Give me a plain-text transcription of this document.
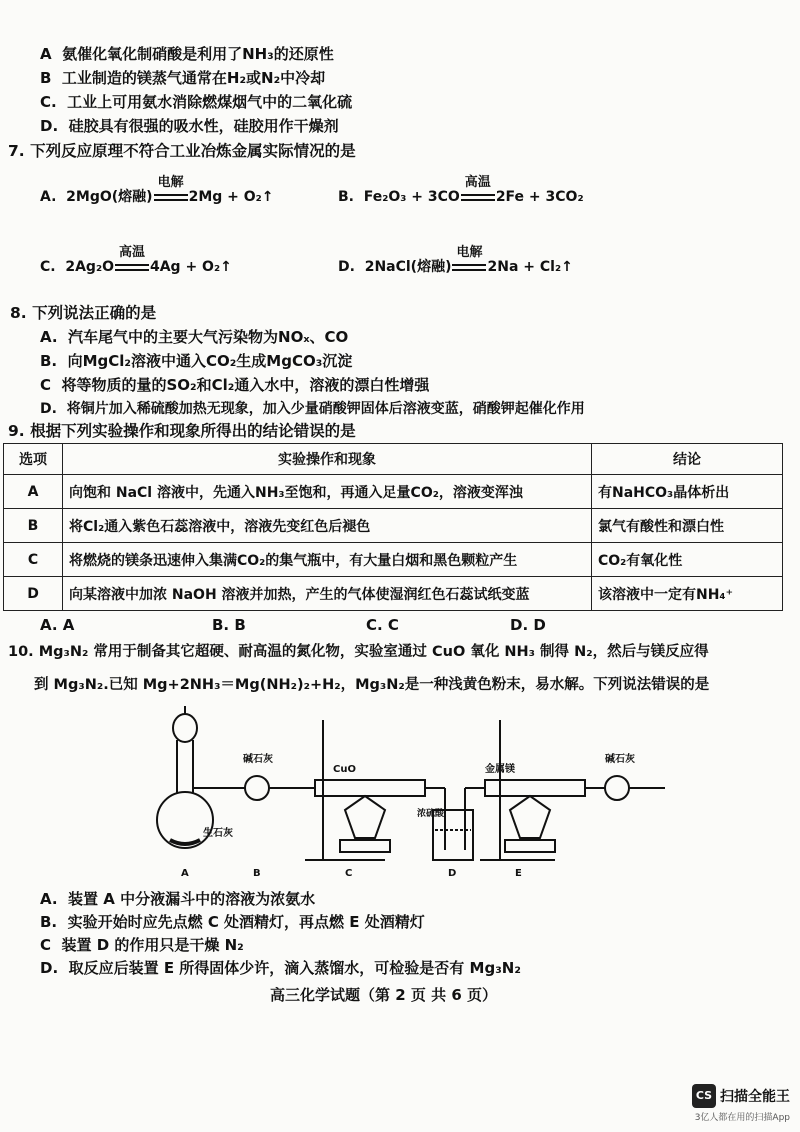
A 氨催化氧化制硝酸是利用了NH₃的还原性
B 工业制造的镁蒸气通常在H₂或N₂中冷却
C. 工业上可用氨水消除燃煤烟气中的二氧化硫
D. 硅胶具有很强的吸水性，硅胶用作干燥剂
7. 下列反应原理不符合工业冶炼金属实际情况的是
A. 2MgO(熔融)
电解
2Mg + O₂↑	B. Fe₂O₃ + 3CO
高温
2Fe + 3CO₂
C. 2Ag₂O
高温
4Ag + O₂↑	D. 2NaCl(熔融)
电解
2Na + Cl₂↑
8. 下列说法正确的是
A. 汽车尾气中的主要大气污染物为NOₓ、CO
B. 向MgCl₂溶液中通入CO₂生成MgCO₃沉淀
C 将等物质的量的SO₂和Cl₂通入水中，溶液的漂白性增强
D. 将铜片加入稀硫酸加热无现象，加入少量硝酸钾固体后溶液变蓝，硝酸钾起催化作用
9. 根据下列实验操作和现象所得出的结论错误的是
选项	实验操作和现象	结论
A	向饱和 NaCl 溶液中，先通入NH₃至饱和，再通入足量CO₂，溶液变浑浊	有NaHCO₃晶体析出
B	将Cl₂通入紫色石蕊溶液中，溶液先变红色后褪色	氯气有酸性和漂白性
C	将燃烧的镁条迅速伸入集满CO₂的集气瓶中，有大量白烟和黑色颗粒产生	CO₂有氧化性
D	向某溶液中加浓 NaOH 溶液并加热，产生的气体使湿润红色石蕊试纸变蓝	该溶液中一定有NH₄⁺
A. A	B. B	C. C	D. D
10. Mg₃N₂ 常用于制备其它超硬、耐高温的氮化物，实验室通过 CuO 氧化 NH₃ 制得 N₂，然后与镁反应得
到 Mg₃N₂.已知 Mg+2NH₃＝Mg(NH₂)₂+H₂，Mg₃N₂是一种浅黄色粉末，易水解。下列说法错误的是
碱石灰
CuO	金属镁
碱石灰
生石灰
浓硫酸
A	B	C	D	E
A. 装置 A 中分液漏斗中的溶液为浓氨水
B. 实验开始时应先点燃 C 处酒精灯，再点燃 E 处酒精灯
C 装置 D 的作用只是干燥 N₂
D. 取反应后装置 E 所得固体少许，滴入蒸馏水，可检验是否有 Mg₃N₂
高三化学试题（第 2 页 共 6 页）
CS 扫描全能王
3亿人都在用的扫描App
